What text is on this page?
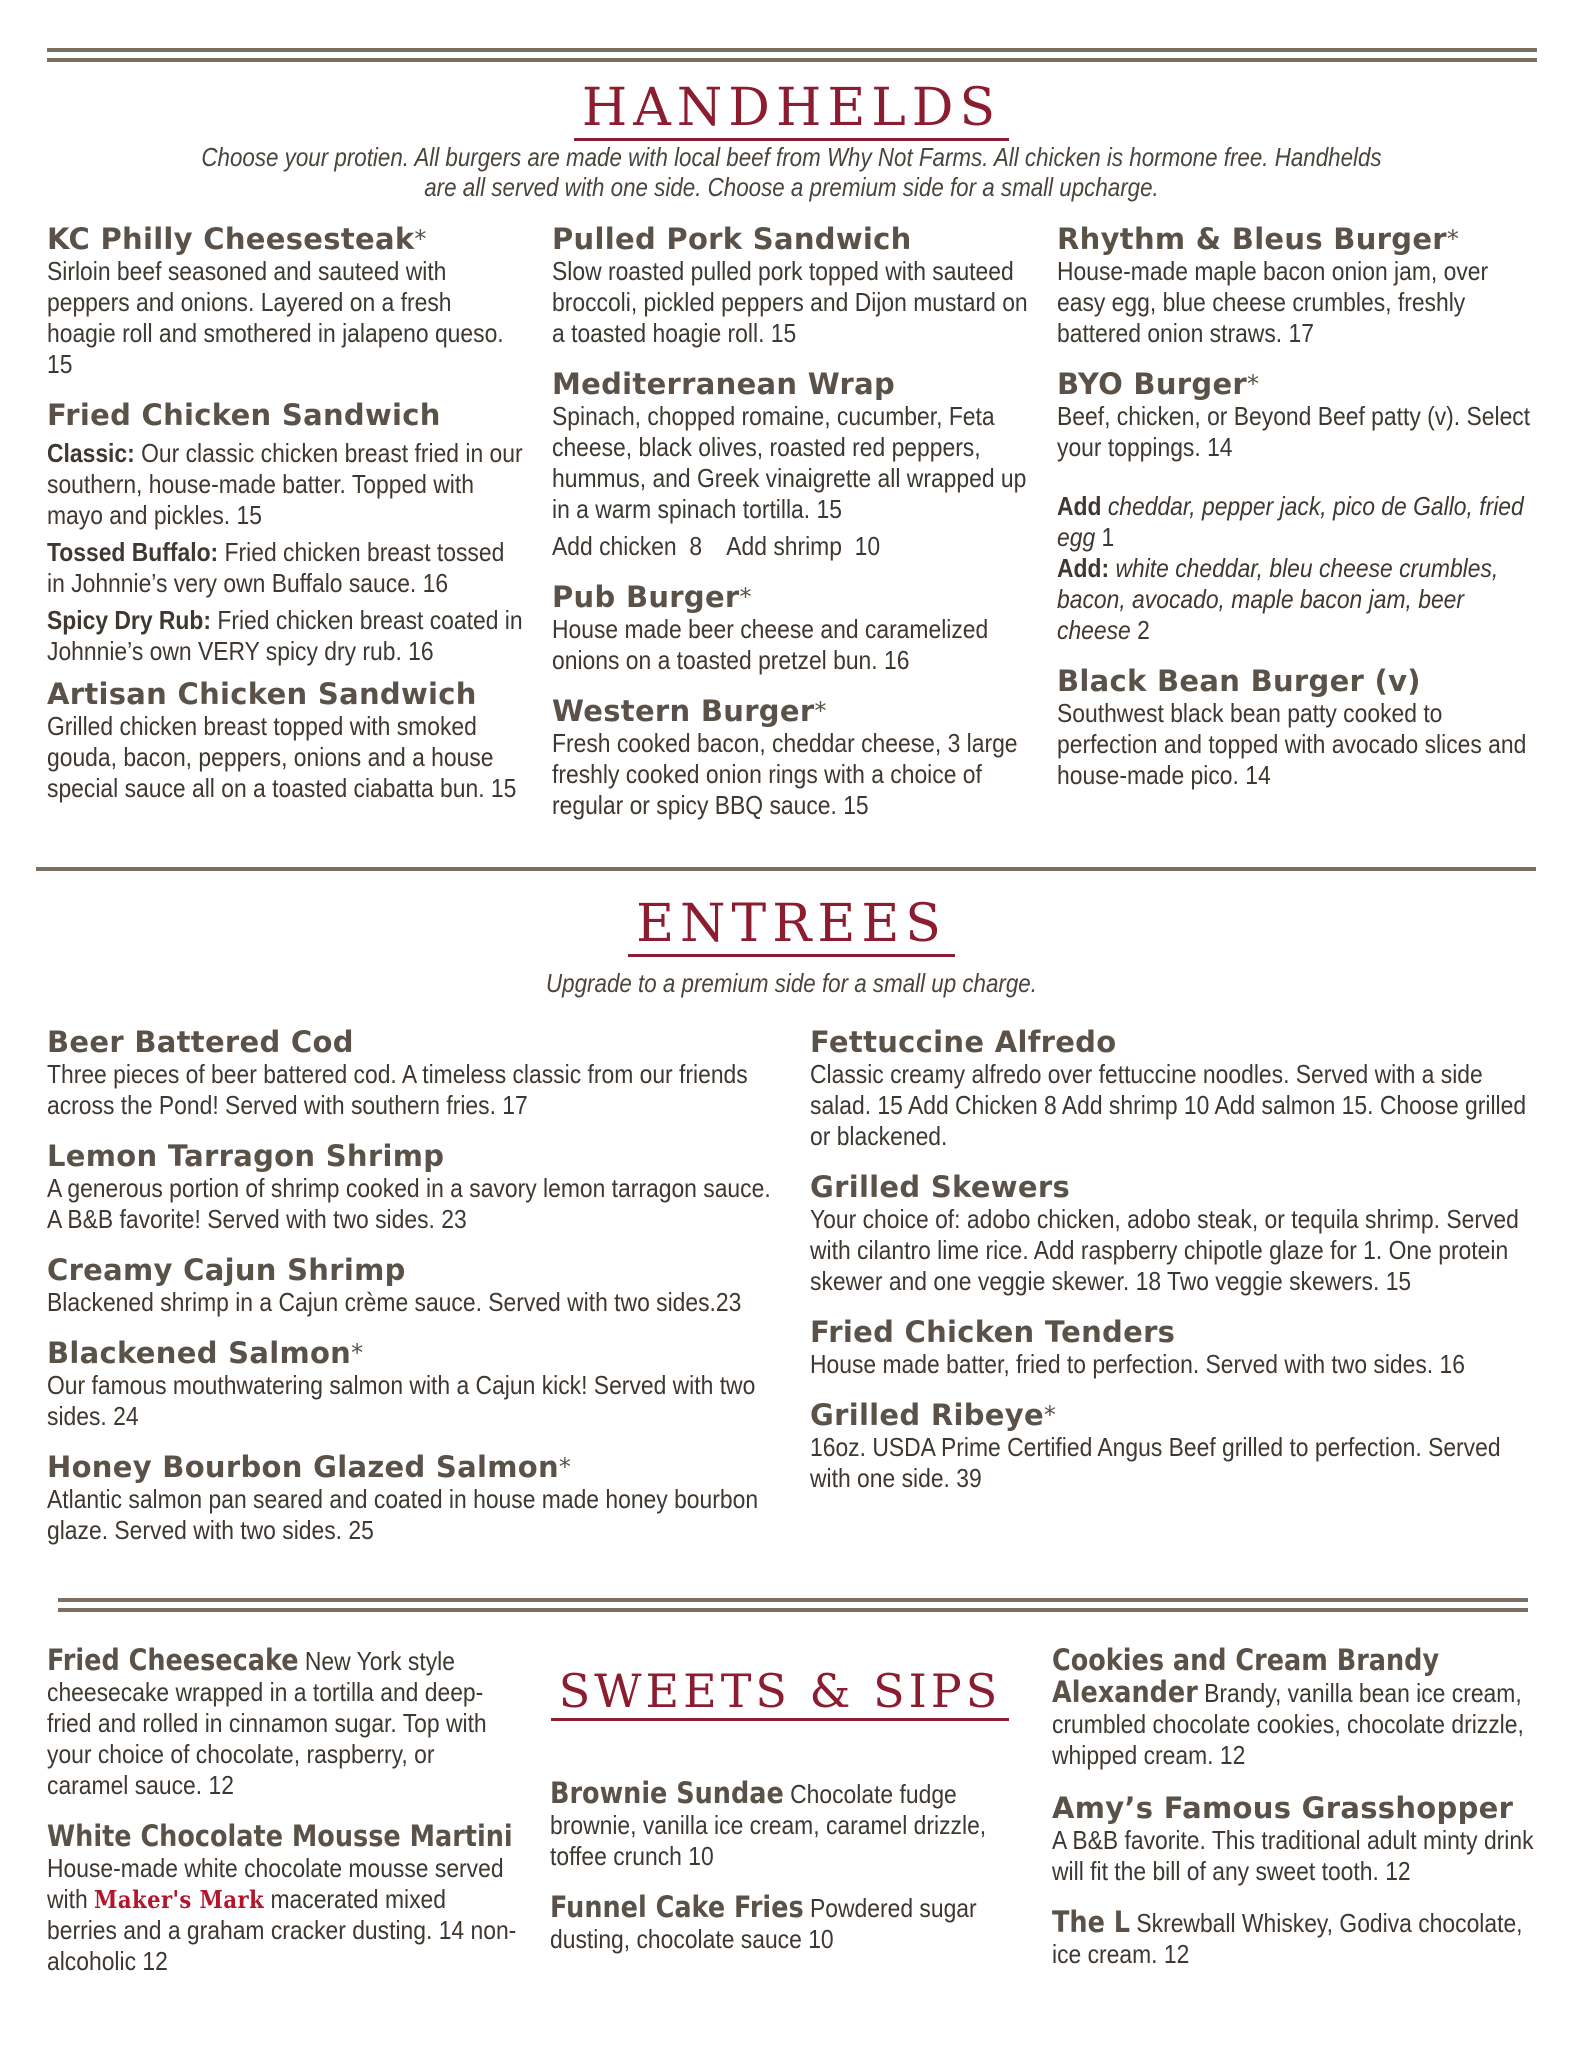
HANDHELDS
Choose your protien. All burgers are made with local beef from Why Not Farms. All chicken is hormone free. Handhelds are all served with one side. Choose a premium side for a small upcharge.
KC Philly Cheesesteak*
Sirloin beef seasoned and sauteed with peppers and onions. Layered on a fresh hoagie roll and smothered in jalapeno queso. 15
Fried Chicken Sandwich
Classic: Our classic chicken breast fried in our southern, house-made batter. Topped with mayo and pickles. 15
Tossed Buffalo: Fried chicken breast tossed in Johnnie’s very own Buffalo sauce. 16
Spicy Dry Rub: Fried chicken breast coated in Johnnie’s own VERY spicy dry rub. 16
Artisan Chicken Sandwich
Grilled chicken breast topped with smoked gouda, bacon, peppers, onions and a house special sauce all on a toasted ciabatta bun. 15
Pulled Pork Sandwich
Slow roasted pulled pork topped with sauteed broccoli, pickled peppers and Dijon mustard on a toasted hoagie roll. 15
Mediterranean Wrap
Spinach, chopped romaine, cucumber, Feta cheese, black olives, roasted red peppers, hummus, and Greek vinaigrette all wrapped up in a warm spinach tortilla. 15
Add chicken  8    Add shrimp  10
Pub Burger*
House made beer cheese and caramelized onions on a toasted pretzel bun. 16
Western Burger*
Fresh cooked bacon, cheddar cheese, 3 large freshly cooked onion rings with a choice of regular or spicy BBQ sauce. 15
Rhythm & Bleus Burger*
House-made maple bacon onion jam, over easy egg, blue cheese crumbles, freshly battered onion straws. 17
BYO Burger*
Beef, chicken, or Beyond Beef patty (v). Select your toppings. 14
Add cheddar, pepper jack, pico de Gallo, fried egg 1
Add: white cheddar, bleu cheese crumbles, bacon, avocado, maple bacon jam, beer cheese 2
Black Bean Burger (v)
Southwest black bean patty cooked to perfection and topped with avocado slices and house-made pico. 14
ENTREES
Upgrade to a premium side for a small up charge.
Beer Battered Cod
Three pieces of beer battered cod. A timeless classic from our friends across the Pond! Served with southern fries. 17
Lemon Tarragon Shrimp
A generous portion of shrimp cooked in a savory lemon tarragon sauce. A B&B favorite! Served with two sides. 23
Creamy Cajun Shrimp
Blackened shrimp in a Cajun crème sauce. Served with two sides.23
Blackened Salmon*
Our famous mouthwatering salmon with a Cajun kick! Served with two sides. 24
Honey Bourbon Glazed Salmon*
Atlantic salmon pan seared and coated in house made honey bourbon glaze. Served with two sides. 25
Fettuccine Alfredo
Classic creamy alfredo over fettuccine noodles. Served with a side salad. 15 Add Chicken 8 Add shrimp 10 Add salmon 15. Choose grilled or blackened.
Grilled Skewers
Your choice of: adobo chicken, adobo steak, or tequila shrimp. Served with cilantro lime rice. Add raspberry chipotle glaze for 1. One protein skewer and one veggie skewer. 18 Two veggie skewers. 15
Fried Chicken Tenders
House made batter, fried to perfection. Served with two sides. 16
Grilled Ribeye*
16oz. USDA Prime Certified Angus Beef grilled to perfection. Served with one side. 39
Fried Cheesecake New York style cheesecake wrapped in a tortilla and deep-fried and rolled in cinnamon sugar. Top with your choice of chocolate, raspberry, or caramel sauce. 12
White Chocolate Mousse Martini House-made white chocolate mousse served with Maker's Mark macerated mixed berries and a graham cracker dusting. 14 non-alcoholic 12
SWEETS & SIPS
Brownie Sundae Chocolate fudge brownie, vanilla ice cream, caramel drizzle, toffee crunch 10
Funnel Cake Fries Powdered sugar dusting, chocolate sauce 10
Cookies and Cream Brandy Alexander Brandy, vanilla bean ice cream, crumbled chocolate cookies, chocolate drizzle, whipped cream. 12
Amy’s Famous Grasshopper
A B&B favorite. This traditional adult minty drink will fit the bill of any sweet tooth. 12
The L Skrewball Whiskey, Godiva chocolate, ice cream. 12
